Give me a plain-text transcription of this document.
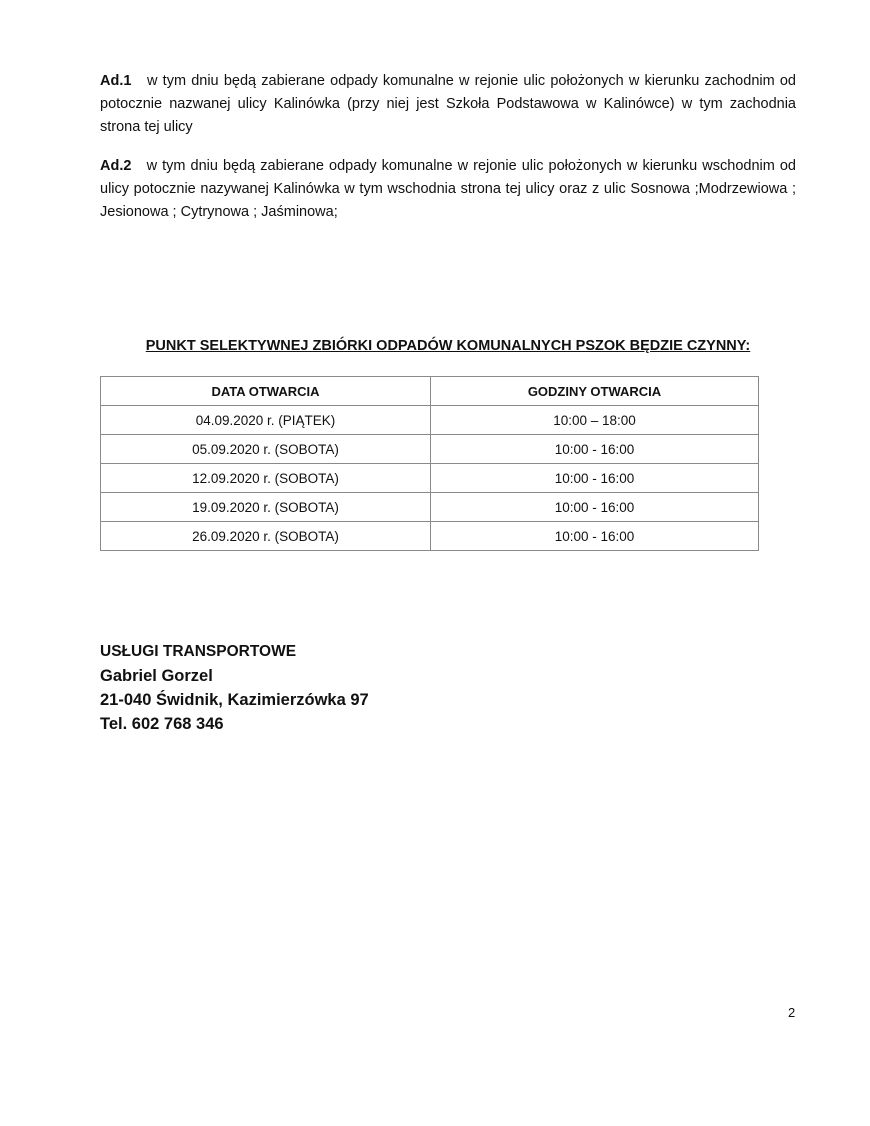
Ad.1 w tym dniu będą zabierane odpady komunalne w rejonie ulic położonych w kierunku zachodnim od potocznie nazwanej ulicy Kalinówka (przy niej jest Szkoła Podstawowa w Kalinówce) w tym zachodnia strona tej ulicy

Ad.2 w tym dniu będą zabierane odpady komunalne w rejonie ulic położonych w kierunku wschodnim od ulicy potocznie nazywanej Kalinówka w tym wschodnia strona tej ulicy oraz z ulic Sosnowa ;Modrzewiowa ; Jesionowa ; Cytrynowa ; Jaśminowa;

PUNKT SELEKTYWNEJ ZBIÓRKI ODPADÓW KOMUNALNYCH PSZOK BĘDZIE CZYNNY:
DATA OTWARCIA	GODZINY OTWARCIA
04.09.2020 r. (PIĄTEK)	10:00 – 18:00
05.09.2020 r. (SOBOTA)	10:00 - 16:00
12.09.2020 r. (SOBOTA)	10:00 - 16:00
19.09.2020 r. (SOBOTA)	10:00 - 16:00
26.09.2020 r. (SOBOTA)	10:00 - 16:00
USŁUGI TRANSPORTOWE
Gabriel Gorzel
21-040 Świdnik, Kazimierzówka 97
Tel. 602 768 346
2
